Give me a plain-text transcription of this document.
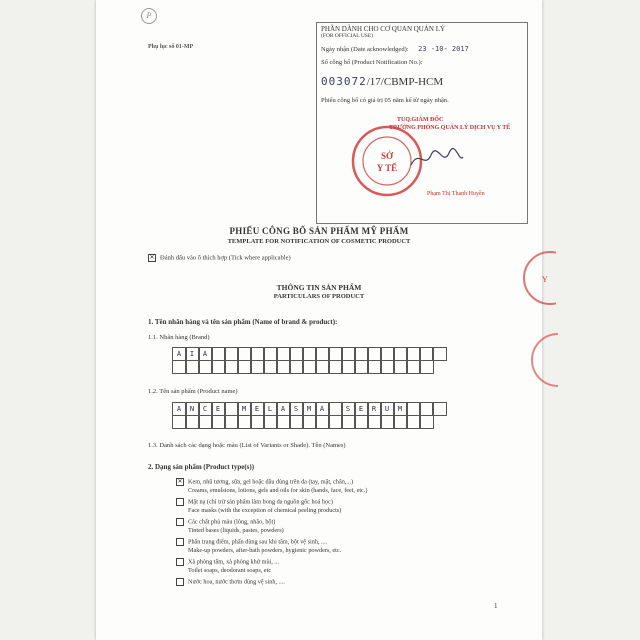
P
Phụ lục số 01-MP
PHẦN DÀNH CHO CƠ QUAN QUẢN LÝ
(FOR OFFICIAL USE)
Ngày nhận (Date acknowledged): 23 -10- 2017
Số công bố (Product Notification No.):
003072/17/CBMP-HCM
Phiếu công bố có giá trị 05 năm kể từ ngày nhận.
TUQ.GIÁM ĐỐC
TRƯỞNG PHÒNG QUẢN LÝ DỊCH VỤ Y TẾ
SỞ
Y TẾ
Phạm Thị Thanh Huyền
PHIẾU CÔNG BỐ SẢN PHẨM MỸ PHẨM
TEMPLATE FOR NOTIFICATION OF COSMETIC PRODUCT
✕ Đánh dấu vào ô thích hợp (Tick where applicable)
THÔNG TIN SẢN PHẨM
PARTICULARS OF PRODUCT
1. Tên nhãn hàng và tên sản phẩm (Name of brand & product):
1.1. Nhãn hàng (Brand)
A	I	A
1.2. Tên sản phẩm (Product name)
A	N	C	E	M	E	L	A	S	M	A	S	E	R	U	M
1.3. Danh sách các dạng hoặc màu (List of Variants or Shade). Tên (Names)
2. Dạng sản phẩm (Product type(s))
✕ Kem, nhũ tương, sữa, gel hoặc dầu dùng trên da (tay, mặt, chân,...)
Creams, emulsions, lotions, gels and oils for skin (hands, face, feet, etc.)
Mặt nạ (chỉ trừ sản phẩm làm bong da nguồn gốc hoá học)
Face masks (with the exception of chemical peeling products)
Các chất phủ màu (lỏng, nhão, bột)
Tinted bases (liquids, pastes, powders)
Phấn trang điểm, phấn dùng sau khi tắm, bột vệ sinh, ....
Make-up powders, after-bath powders, hygienic powders, etc.
Xà phòng tắm, xà phòng khử mùi, ...
Toilet soaps, deodorant soaps, etc
Nước hoa, nước thơm dùng vệ sinh, ....
1
Y
